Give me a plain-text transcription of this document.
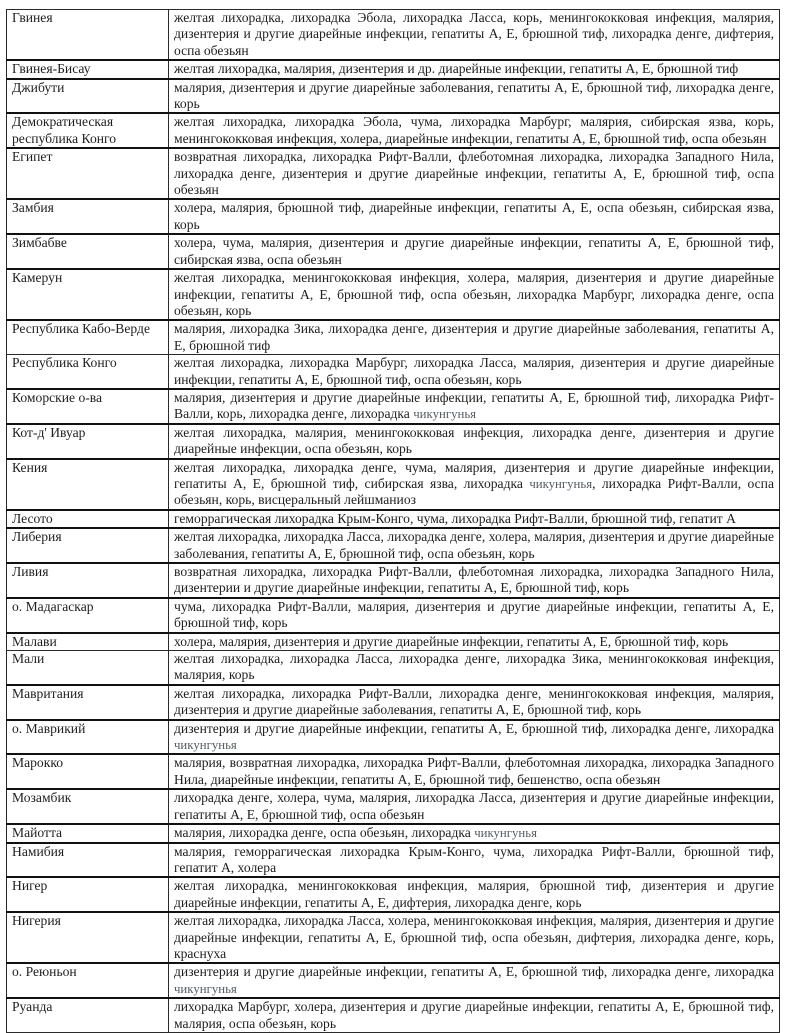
Гвинея	желтая лихорадка, лихорадка Эбола, лихорадка Ласса, корь, менингококковая инфекция, малярия, дизентерия и другие диарейные инфекции, гепатиты А, Е, брюшной тиф, лихорадка денге, дифтерия, оспа обезьян
Гвинея-Бисау	желтая лихорадка, малярия, дизентерия и др. диарейные инфекции, гепатиты А, Е, брюшной тиф
Джибути	малярия, дизентерия и другие диарейные заболевания, гепатиты А, Е, брюшной тиф, лихорадка денге, корь
Демократическая республика Конго	желтая лихорадка, лихорадка Эбола, чума, лихорадка Марбург, малярия, сибирская язва, корь, менингококковая инфекция, холера, диарейные инфекции, гепатиты А, Е, брюшной тиф, оспа обезьян
Египет	возвратная лихорадка, лихорадка Рифт-Валли, флеботомная лихорадка, лихорадка Западного Нила, лихорадка денге, дизентерия и другие диарейные инфекции, гепатиты А, Е, брюшной тиф, оспа обезьян
Замбия	холера, малярия, брюшной тиф, диарейные инфекции, гепатиты А, Е, оспа обезьян, сибирская язва, корь
Зимбабве	холера, чума, малярия, дизентерия и другие диарейные инфекции, гепатиты А, Е, брюшной тиф, сибирская язва, оспа обезьян
Камерун	желтая лихорадка, менингококковая инфекция, холера, малярия, дизентерия и другие диарейные инфекции, гепатиты А, Е, брюшной тиф, оспа обезьян, лихорадка Марбург, лихорадка денге, оспа обезьян, корь
Республика Кабо-Верде	малярия, лихорадка Зика, лихорадка денге, дизентерия и другие диарейные заболевания, гепатиты А, Е, брюшной тиф
Республика Конго	желтая лихорадка, лихорадка Марбург, лихорадка Ласса, малярия, дизентерия и другие диарейные инфекции, гепатиты А, Е, брюшной тиф, оспа обезьян, корь
Коморские о-ва	малярия, дизентерия и другие диарейные инфекции, гепатиты А, Е, брюшной тиф, лихорадка Рифт-Валли, корь, лихорадка денге, лихорадка чикунгунья
Кот-д' Ивуар	желтая лихорадка, малярия, менингококковая инфекция, лихорадка денге, дизентерия и другие диарейные инфекции, оспа обезьян, корь
Кения	желтая лихорадка, лихорадка денге, чума, малярия, дизентерия и другие диарейные инфекции, гепатиты А, Е, брюшной тиф, сибирская язва, лихорадка чикунгунья, лихорадка Рифт-Валли, оспа обезьян, корь, висцеральный лейшманиоз
Лесото	геморрагическая лихорадка Крым-Конго, чума, лихорадка Рифт-Валли, брюшной тиф, гепатит А
Либерия	желтая лихорадка, лихорадка Ласса, лихорадка денге, холера, малярия, дизентерия и другие диарейные заболевания, гепатиты А, Е, брюшной тиф, оспа обезьян, корь
Ливия	возвратная лихорадка, лихорадка Рифт-Валли, флеботомная лихорадка, лихорадка Западного Нила, дизентерии и другие диарейные инфекции, гепатиты А, Е, брюшной тиф, корь
о. Мадагаскар	чума, лихорадка Рифт-Валли, малярия, дизентерия и другие диарейные инфекции, гепатиты А, Е, брюшной тиф, корь
Малави	холера, малярия, дизентерия и другие диарейные инфекции, гепатиты А, Е, брюшной тиф, корь
Мали	желтая лихорадка, лихорадка Ласса, лихорадка денге, лихорадка Зика, менингококковая инфекция, малярия, корь
Мавритания	желтая лихорадка, лихорадка Рифт-Валли, лихорадка денге, менингококковая инфекция, малярия, дизентерия и другие диарейные заболевания, гепатиты А, Е, брюшной тиф, корь
о. Маврикий	дизентерия и другие диарейные инфекции, гепатиты А, Е, брюшной тиф, лихорадка денге, лихорадка чикунгунья
Марокко	малярия, возвратная лихорадка, лихорадка Рифт-Валли, флеботомная лихорадка, лихорадка Западного Нила, диарейные инфекции, гепатиты А, Е, брюшной тиф, бешенство, оспа обезьян
Мозамбик	лихорадка денге, холера, чума, малярия, лихорадка Ласса, дизентерия и другие диарейные инфекции, гепатиты А, Е, брюшной тиф, оспа обезьян
Майотта	малярия, лихорадка денге, оспа обезьян, лихорадка чикунгунья
Намибия	малярия, геморрагическая лихорадка Крым-Конго, чума, лихорадка Рифт-Валли, брюшной тиф, гепатит А, холера
Нигер	желтая лихорадка, менингококковая инфекция, малярия, брюшной тиф, дизентерия и другие диарейные инфекции, гепатиты А, Е, дифтерия, лихорадка денге, корь
Нигерия	желтая лихорадка, лихорадка Ласса, холера, менингококковая инфекция, малярия, дизентерия и другие диарейные инфекции, гепатиты А, Е, брюшной тиф, оспа обезьян, дифтерия, лихорадка денге, корь, краснуха
о. Реюньон	дизентерия и другие диарейные инфекции, гепатиты А, Е, брюшной тиф, лихорадка денге, лихорадка чикунгунья
Руанда	лихорадка Марбург, холера, дизентерия и другие диарейные инфекции, гепатиты А, Е, брюшной тиф, малярия, оспа обезьян, корь
